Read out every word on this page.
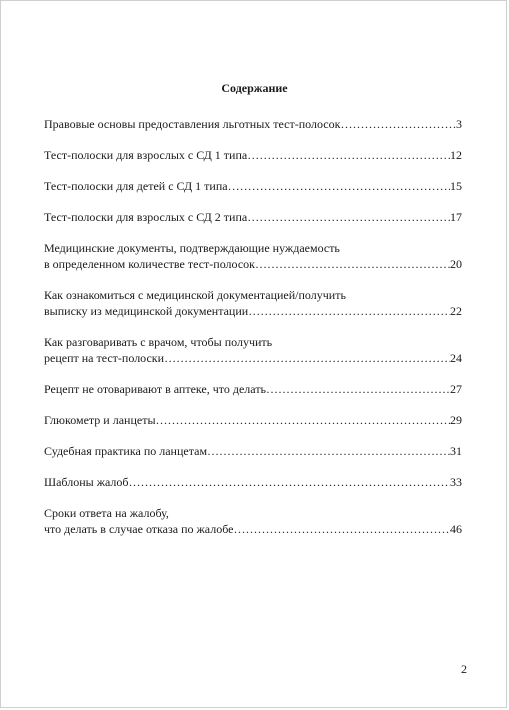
Содержание
Правовые основы предоставления льготных тест-полосок ………………………………………………………………………………………………………………………………………………	3
Тест-полоски для взрослых с СД 1 типа ………………………………………………………………………………………………………………………………………………	12
Тест-полоски для детей с СД 1 типа ………………………………………………………………………………………………………………………………………………	15
Тест-полоски для взрослых с СД 2 типа ………………………………………………………………………………………………………………………………………………	17
Медицинские документы, подтверждающие нуждаемость
в определенном количестве тест-полосок ………………………………………………………………………………………………………………………………………………	20
Как ознакомиться с медицинской документацией/получить
выписку из медицинской документации ………………………………………………………………………………………………………………………………………………	22
Как разговаривать с врачом, чтобы получить
рецепт на тест-полоски ………………………………………………………………………………………………………………………………………………	24
Рецепт не отоваривают в аптеке, что делать ………………………………………………………………………………………………………………………………………………	27
Глюкометр и ланцеты ………………………………………………………………………………………………………………………………………………	29
Судебная практика по ланцетам ………………………………………………………………………………………………………………………………………………	31
Шаблоны жалоб ………………………………………………………………………………………………………………………………………………	33
Сроки ответа на жалобу,
что делать в случае отказа по жалобе ………………………………………………………………………………………………………………………………………………	46
2
